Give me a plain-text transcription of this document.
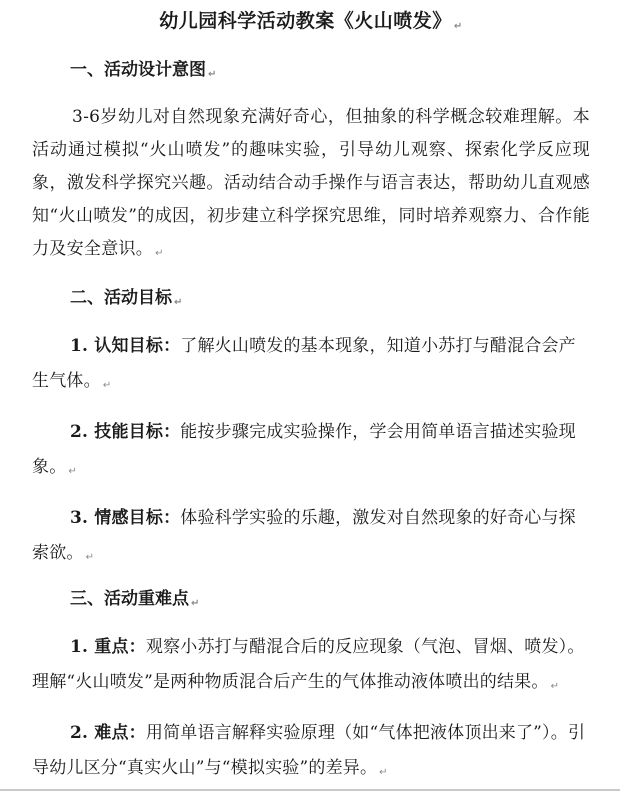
幼儿园科学活动教案《火山喷发》 ↵
一、活动设计意图 ↵
3-6岁幼儿对自然现象充满好奇心，但抽象的科学概念较难理解。本活动通过模拟“火山喷发”的趣味实验，引导幼儿观察、探索化学反应现象，激发科学探究兴趣。活动结合动手操作与语言表达，帮助幼儿直观感知“火山喷发”的成因，初步建立科学探究思维，同时培养观察力、合作能力及安全意识。 ↵
二、活动目标 ↵
1. 认知目标：了解火山喷发的基本现象，知道小苏打与醋混合会产生气体。 ↵
2. 技能目标：能按步骤完成实验操作，学会用简单语言描述实验现象。 ↵
3. 情感目标：体验科学实验的乐趣，激发对自然现象的好奇心与探索欲。 ↵
三、活动重难点 ↵
1. 重点：观察小苏打与醋混合后的反应现象（气泡、冒烟、喷发）。理解“火山喷发”是两种物质混合后产生的气体推动液体喷出的结果。 ↵
2. 难点：用简单语言解释实验原理（如“气体把液体顶出来了”）。引导幼儿区分“真实火山”与“模拟实验”的差异。 ↵
